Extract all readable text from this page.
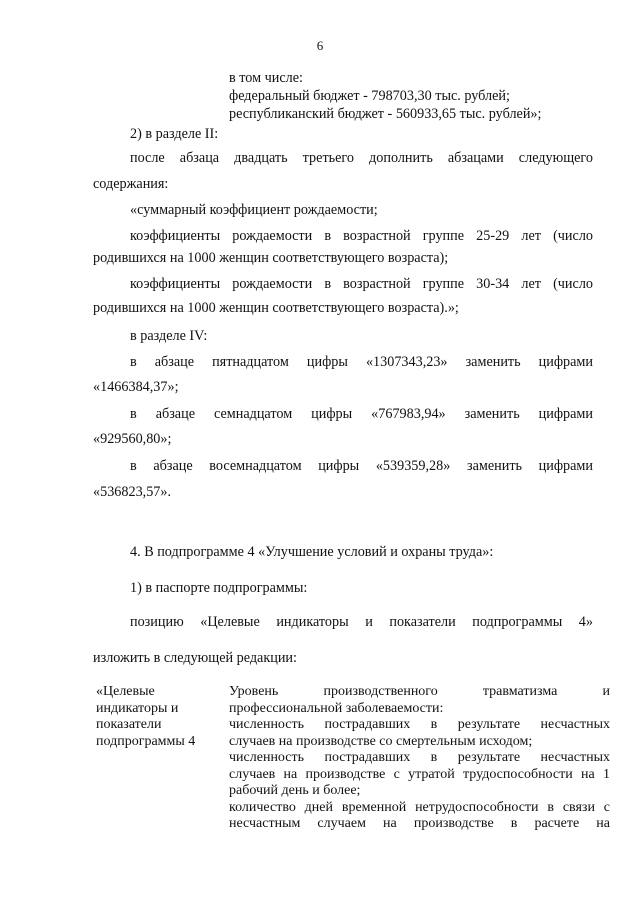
6
в том числе:
федеральный бюджет - 798703,30 тыс. рублей;
республиканский бюджет - 560933,65 тыс. рублей»;
2) в разделе II:
после абзаца двадцать третьего дополнить абзацами следующего
содержания:
«суммарный коэффициент рождаемости;
коэффициенты рождаемости в возрастной группе 25-29 лет (число
родившихся на 1000 женщин соответствующего возраста);
коэффициенты рождаемости в возрастной группе 30-34 лет (число
родившихся на 1000 женщин соответствующего возраста).»;
в разделе IV:
в абзаце пятнадцатом цифры «1307343,23» заменить цифрами
«1466384,37»;
в абзаце семнадцатом цифры «767983,94» заменить цифрами
«929560,80»;
в абзаце восемнадцатом цифры «539359,28» заменить цифрами
«536823,57».
4. В подпрограмме 4 «Улучшение условий и охраны труда»:
1) в паспорте подпрограммы:
позицию «Целевые индикаторы и показатели подпрограммы 4»
изложить в следующей редакции:
«Целевые
индикаторы и
показатели
подпрограммы 4
Уровень производственного травматизма и
профессиональной заболеваемости:
численность пострадавших в результате несчастных
случаев на производстве со смертельным исходом;
численность пострадавших в результате несчастных
случаев на производстве с утратой трудоспособности на 1
рабочий день и более;
количество дней временной нетрудоспособности в связи с
несчастным случаем на производстве в расчете на
